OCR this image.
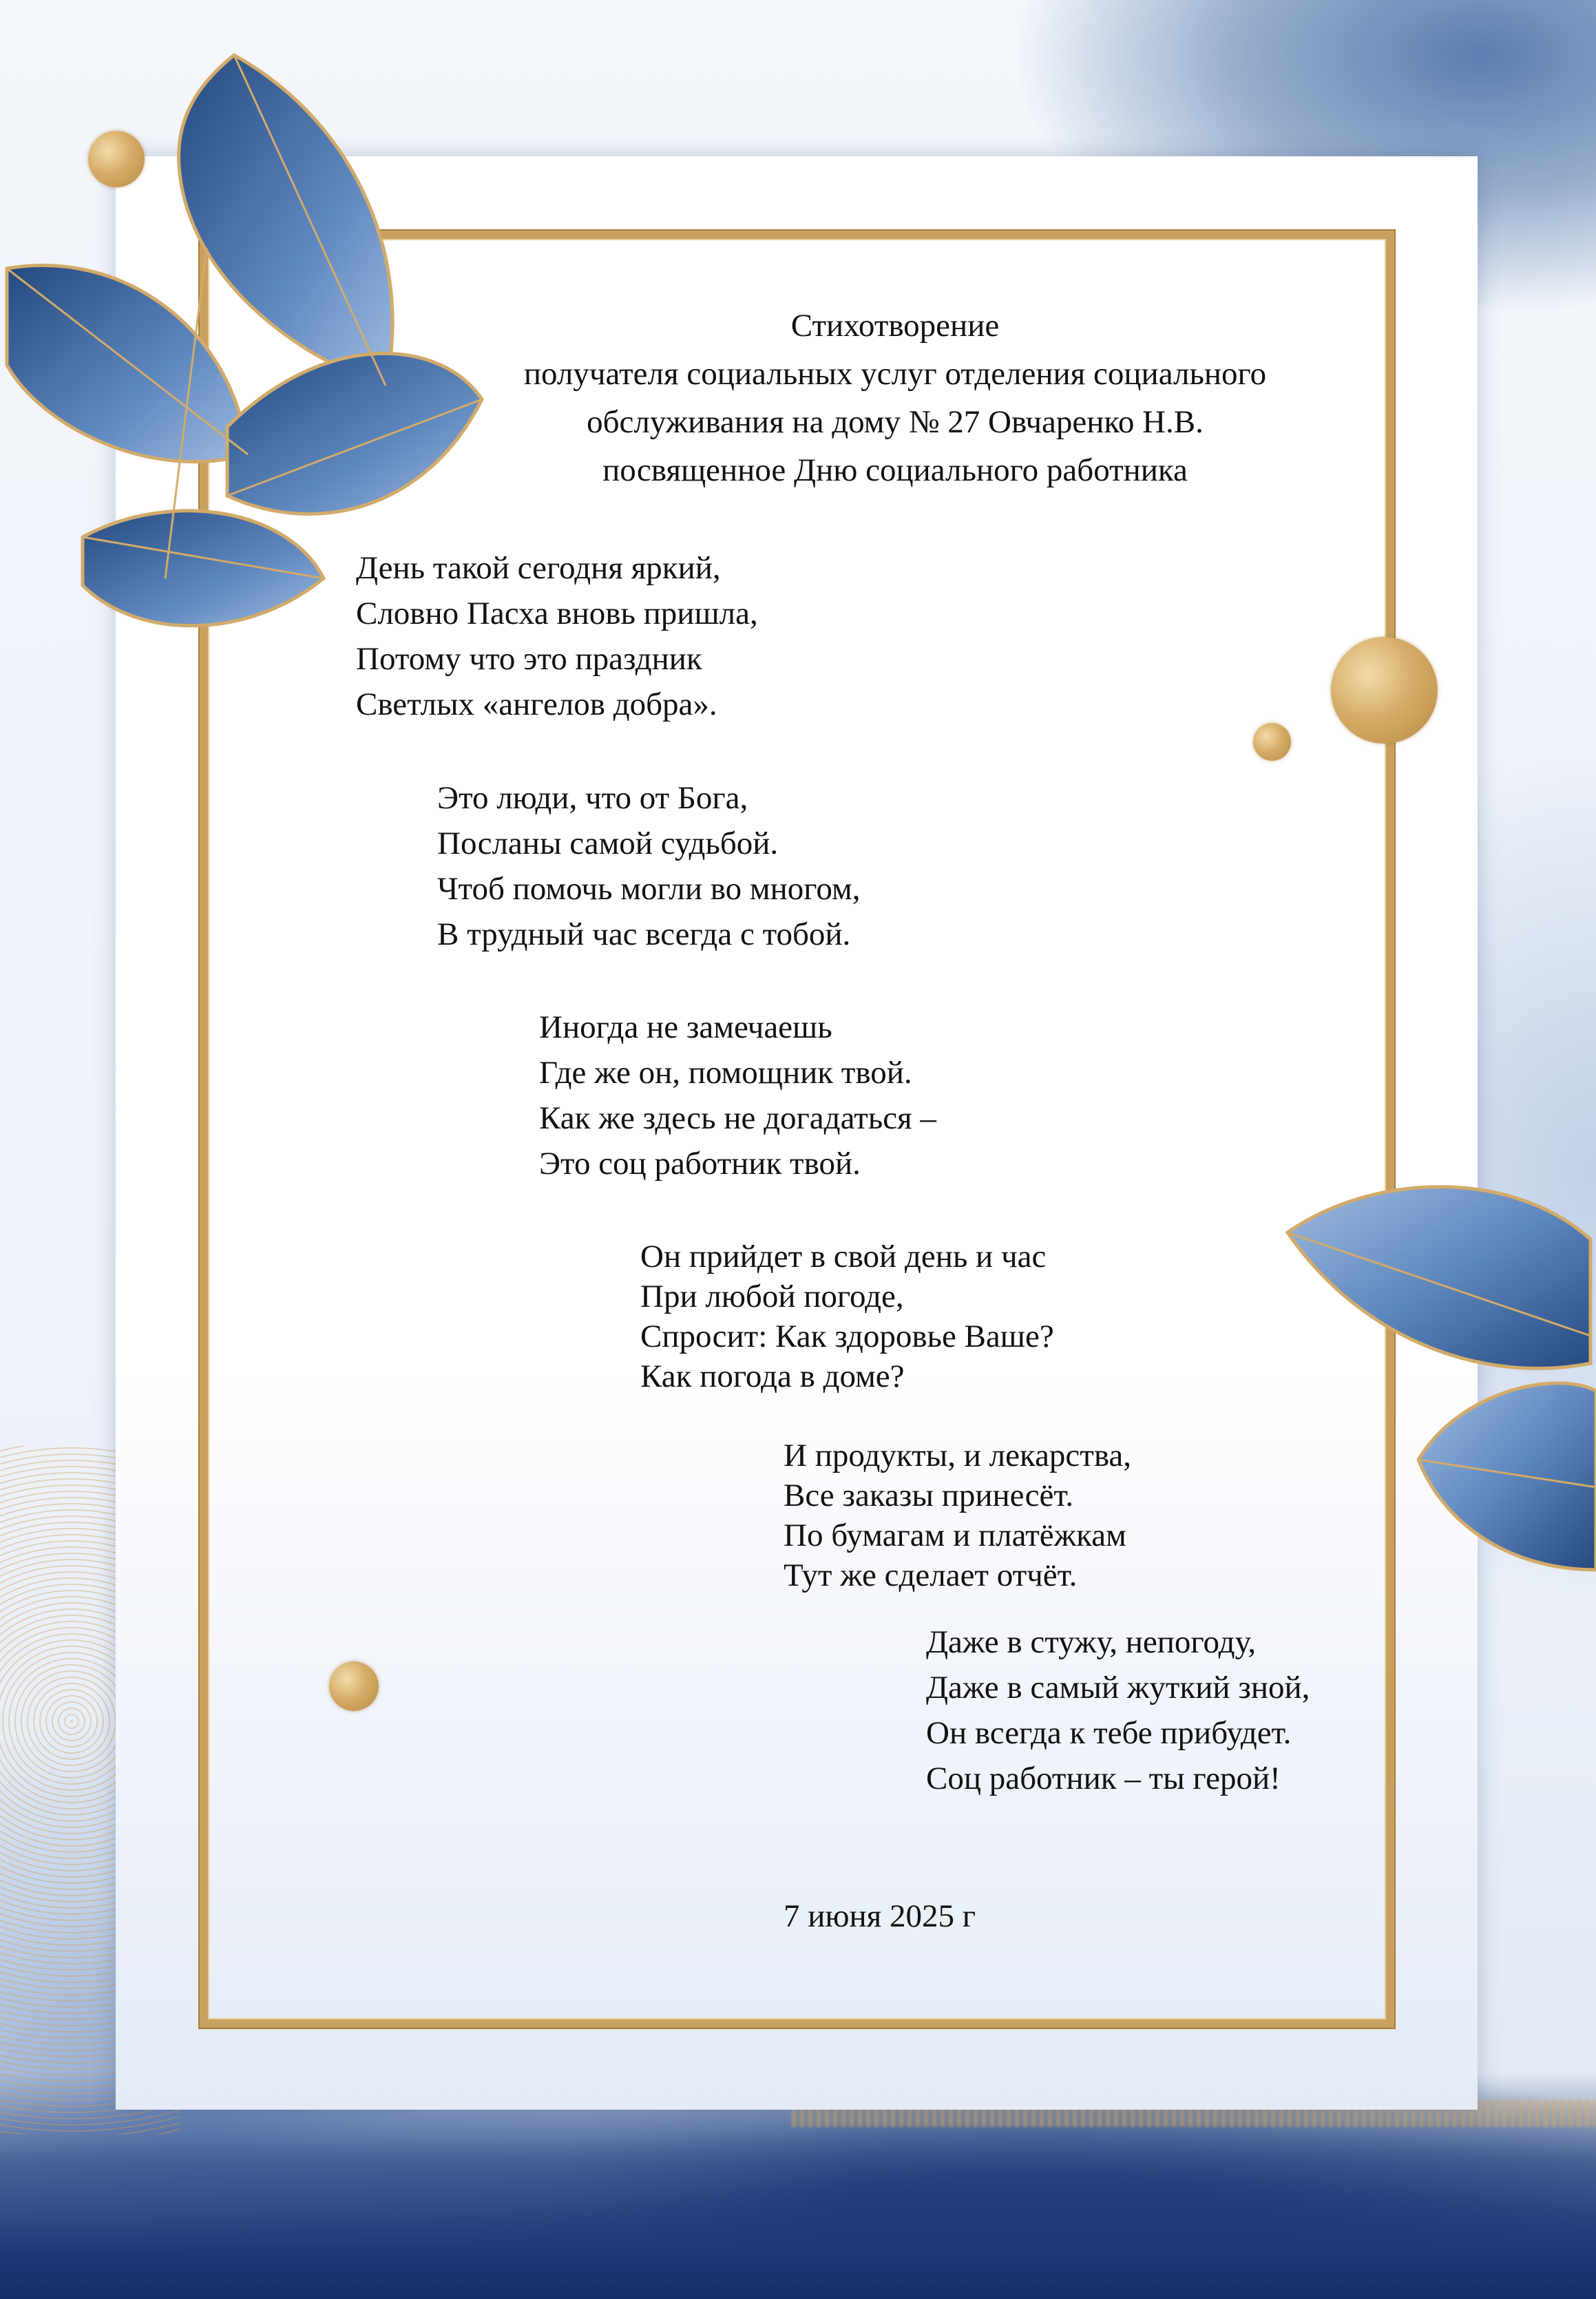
Стихотворение
получателя социальных услуг отделения социального
обслуживания на дому № 27 Овчаренко Н.В.
посвященное Дню социального работника
День такой сегодня яркий,
Словно Пасха вновь пришла,
Потому что это праздник
Светлых «ангелов добра».
Это люди, что от Бога,
Посланы самой судьбой.
Чтоб помочь могли во многом,
В трудный час всегда с тобой.
Иногда не замечаешь
Где же он, помощник твой.
Как же здесь не догадаться –
Это соц работник твой.
Он прийдет в свой день и час
При любой погоде,
Спросит: Как здоровье Ваше?
Как погода в доме?
И продукты, и лекарства,
Все заказы принесёт.
По бумагам и платёжкам
Тут же сделает отчёт.
Даже в стужу, непогоду,
Даже в самый жуткий зной,
Он всегда к тебе прибудет.
Соц работник – ты герой!
7 июня 2025 г
